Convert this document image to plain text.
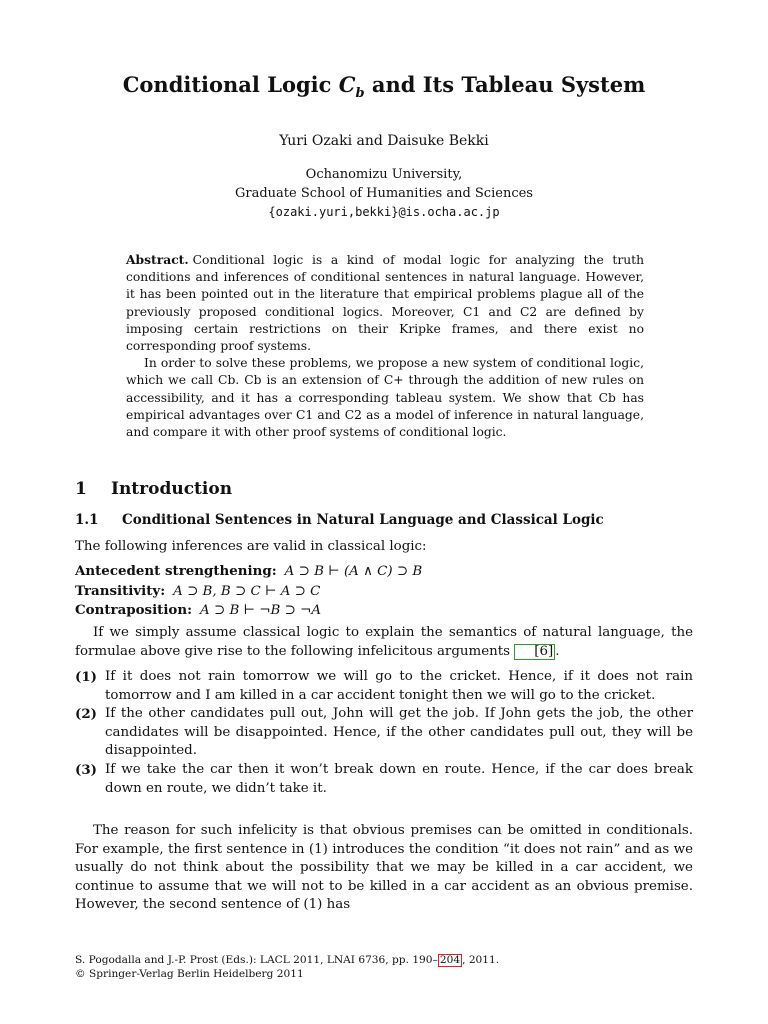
Conditional Logic $C_b$ and Its Tableau System
Yuri Ozaki and Daisuke Bekki
Ochanomizu University,
Graduate School of Humanities and Sciences
{ozaki.yuri,bekki}@is.ocha.ac.jp

Abstract. Conditional logic is a kind of modal logic for analyzing the truth conditions and inferences of conditional sentences in natural language. However, it has been pointed out in the literature that empirical problems plague all of the previously proposed conditional logics. Moreover, C1 and C2 are defined by imposing certain restrictions on their Kripke frames, and there exist no corresponding proof systems.

In order to solve these problems, we propose a new system of conditional logic, which we call Cb. Cb is an extension of C+ through the addition of new rules on accessibility, and it has a corresponding tableau system. We show that Cb has empirical advantages over C1 and C2 as a model of inference in natural language, and compare it with other proof systems of conditional logic.

1 Introduction
1.1 Conditional Sentences in Natural Language and Classical Logic
The following inferences are valid in classical logic:
Antecedent strengthening: A ⊃ B ⊢ (A ∧ C) ⊃ B
Transitivity: A ⊃ B, B ⊃ C ⊢ A ⊃ C
Contraposition: A ⊃ B ⊢ ¬B ⊃ ¬A
If we simply assume classical logic to explain the semantics of natural language, the formulae above give rise to the following infelicitous arguments [6] .
(1) If it does not rain tomorrow we will go to the cricket. Hence, if it does not rain tomorrow and I am killed in a car accident tonight then we will go to the cricket.
(2) If the other candidates pull out, John will get the job. If John gets the job, the other candidates will be disappointed. Hence, if the other candidates pull out, they will be disappointed.
(3) If we take the car then it won’t break down en route. Hence, if the car does break down en route, we didn’t take it.
The reason for such infelicity is that obvious premises can be omitted in conditionals. For example, the first sentence in (1) introduces the condition “it does not rain” and as we usually do not think about the possibility that we may be killed in a car accident, we continue to assume that we will not to be killed in a car accident as an obvious premise. However, the second sentence of (1) has
S. Pogodalla and J.-P. Prost (Eds.): LACL 2011, LNAI 6736, pp. 190– 204 , 2011.
© Springer-Verlag Berlin Heidelberg 2011
